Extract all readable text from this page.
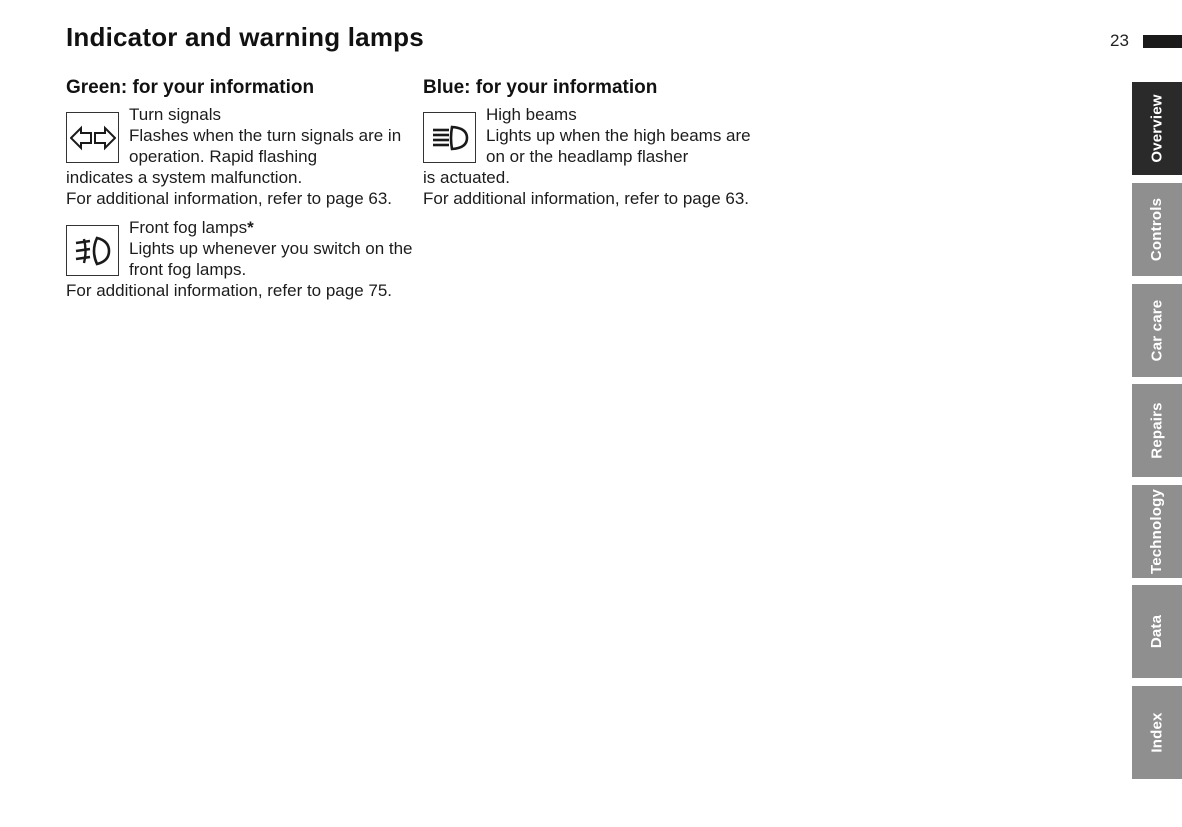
Indicator and warning lamps	23
Green: for your information
Turn signals
Flashes when the turn signals are in operation. Rapid flashing
indicates a system malfunction.
For additional information, refer to page 63.
Front fog lamps*
Lights up whenever you switch on the front fog lamps.
For additional information, refer to page 75.
Blue: for your information
High beams
Lights up when the high beams are on or the headlamp flasher
is actuated.
For additional information, refer to page 63.
Overview
Controls
Car care
Repairs
Technology
Data
Index
